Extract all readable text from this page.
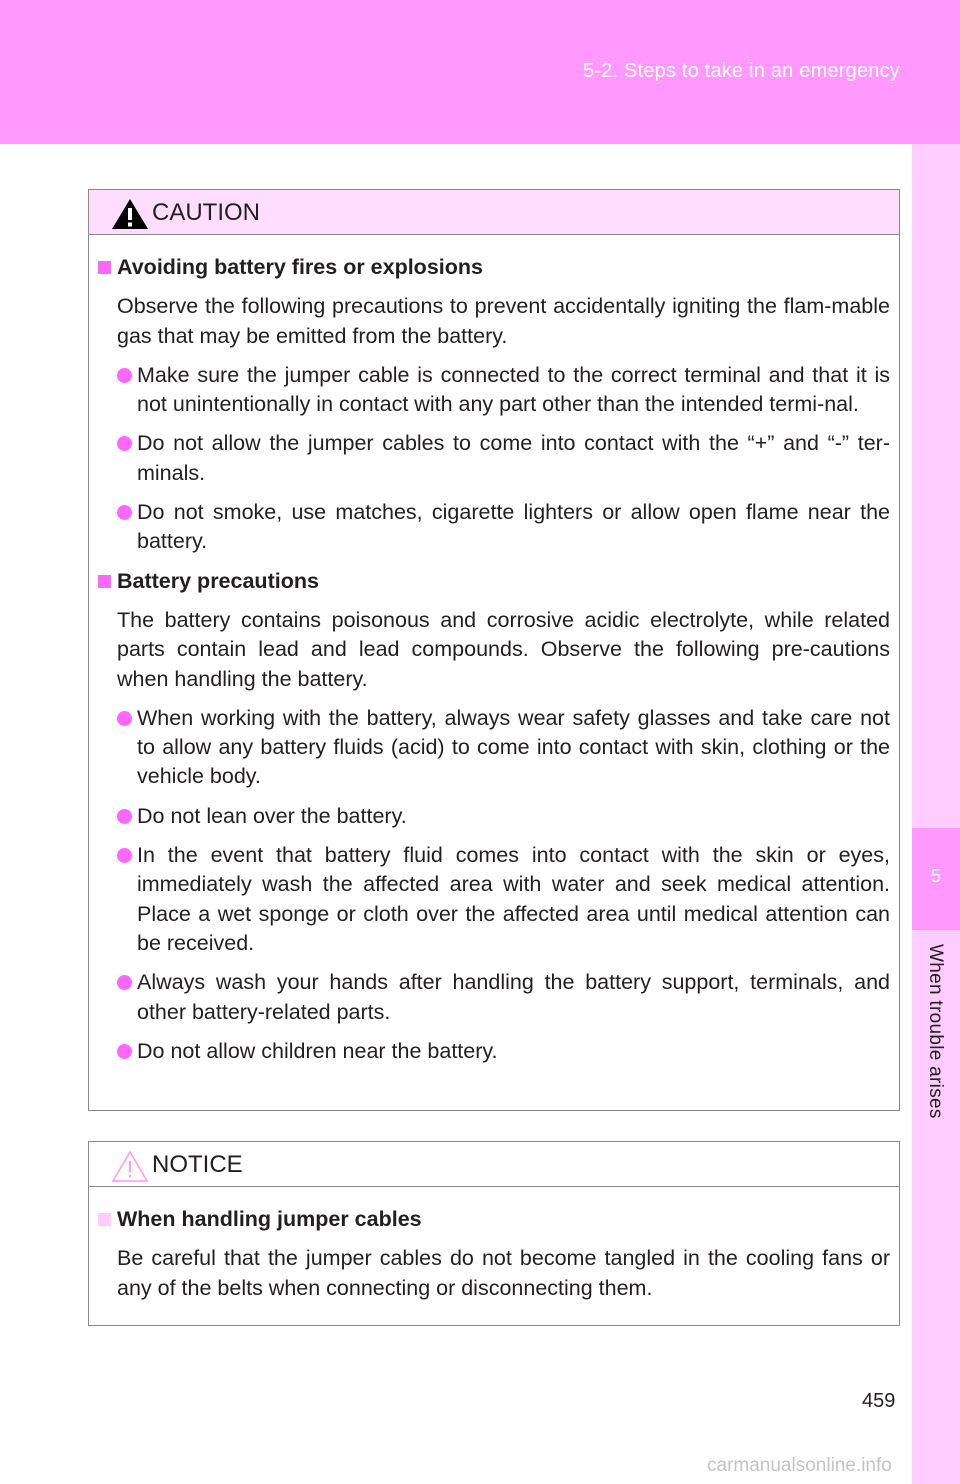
5-2. Steps to take in an emergency
5
When trouble arises
CAUTION
Avoiding battery fires or explosions
Observe the following precautions to prevent accidentally igniting the flam-mable gas that may be emitted from the battery.
Make sure the jumper cable is connected to the correct terminal and that it is not unintentionally in contact with any part other than the intended termi-nal.
Do not allow the jumper cables to come into contact with the “+” and “-” ter-minals.
Do not smoke, use matches, cigarette lighters or allow open flame near the battery.
Battery precautions
The battery contains poisonous and corrosive acidic electrolyte, while related parts contain lead and lead compounds. Observe the following pre-cautions when handling the battery.
When working with the battery, always wear safety glasses and take care not to allow any battery fluids (acid) to come into contact with skin, clothing or the vehicle body.
Do not lean over the battery.
In the event that battery fluid comes into contact with the skin or eyes, immediately wash the affected area with water and seek medical attention. Place a wet sponge or cloth over the affected area until medical attention can be received.
Always wash your hands after handling the battery support, terminals, and other battery-related parts.
Do not allow children near the battery.
NOTICE
When handling jumper cables
Be careful that the jumper cables do not become tangled in the cooling fans or any of the belts when connecting or disconnecting them.
459
carmanualsonline.info
